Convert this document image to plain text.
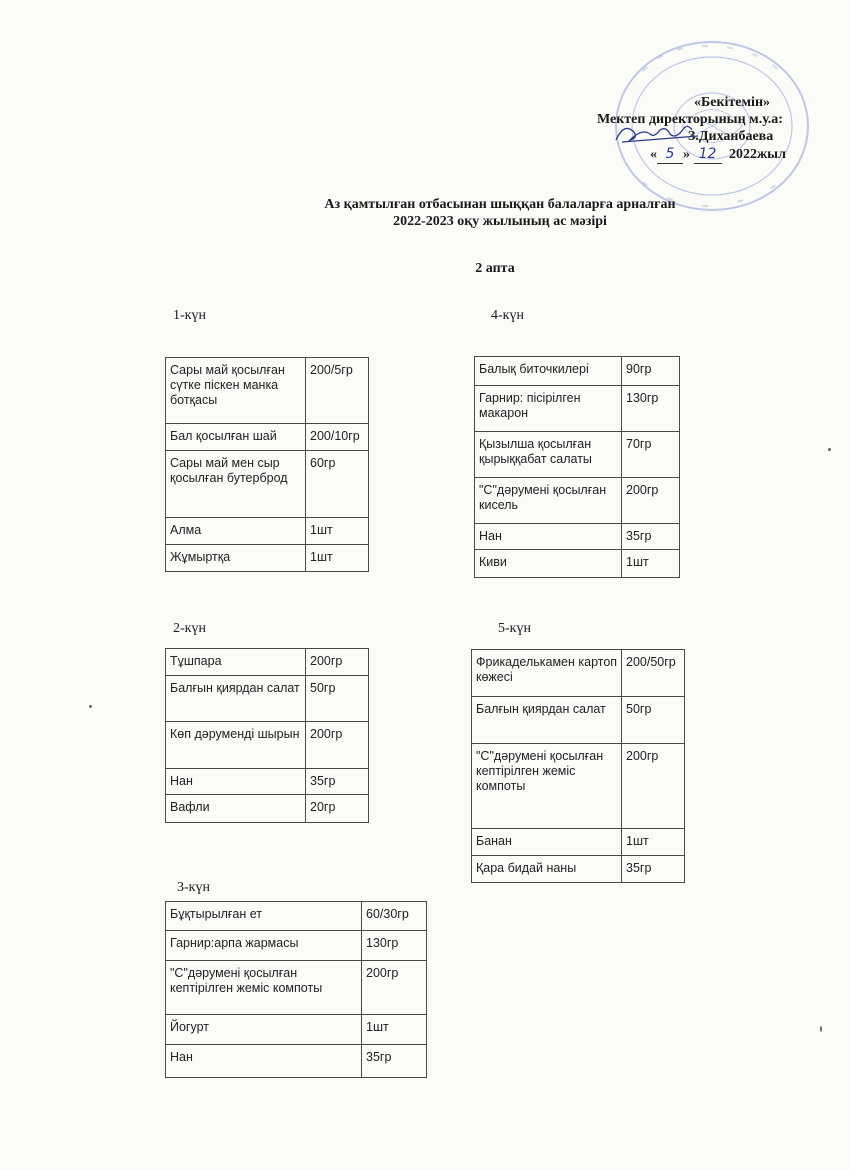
«Бекітемін»
Мектеп директорының м.у.а:
З.Диханбаева
« 5 » 12 2022жыл
Аз қамтылған отбасынан шыққан балаларға арналған
2022-2023 оқу жылының ас мәзірі
2 апта
1-күн
Сары май қосылған сүтке піскен манка ботқасы	200/5гр
Бал қосылған шай	200/10гр
Сары май мен сыр қосылған бутерброд	60гр
Алма	1шт
Жұмыртқа	1шт
4-күн
Балық биточкилері	90гр
Гарнир: пісірілген макарон	130гр
Қызылша қосылған қырыққабат салаты	70гр
"С"дәрумені қосылған кисель	200гр
Нан	35гр
Киви	1шт
2-күн
Тұшпара	200гр
Балғын қиярдан салат	50гр
Көп дәруменді шырын	200гр
Нан	35гр
Вафли	20гр
5-күн
Фрикаделькамен картоп көжесі	200/50гр
Балғын қиярдан салат	50гр
"С"дәрумені қосылған кептірілген жеміс компоты	200гр
Банан	1шт
Қара бидай наны	35гр
3-күн
Бұқтырылған ет	60/30гр
Гарнир:арпа жармасы	130гр
"С"дәрумені қосылған кептірілген жеміс компоты	200гр
Йогурт	1шт
Нан	35гр
